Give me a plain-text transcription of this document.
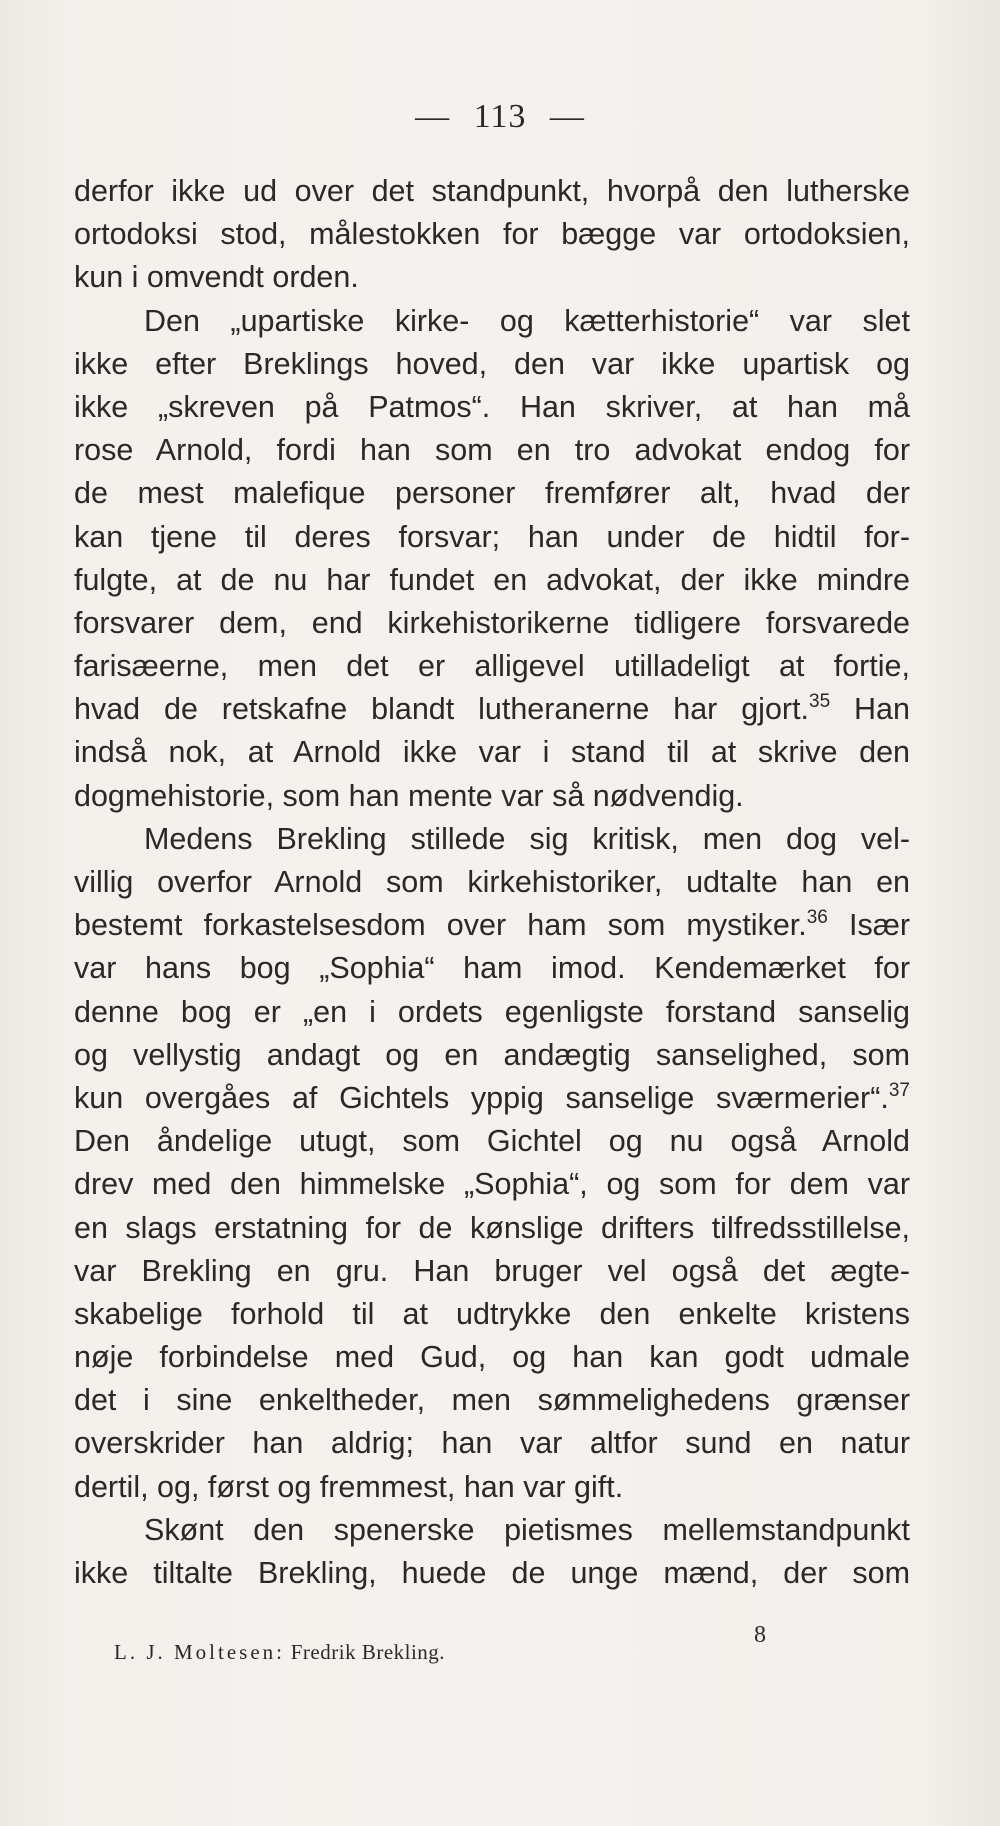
— 113 —
derfor ikke ud over det standpunkt, hvorpå den lutherske
ortodoksi stod, målestokken for bægge var ortodoksien,
kun i omvendt orden.
Den „upartiske kirke- og kætterhistorie“ var slet
ikke efter Breklings hoved, den var ikke upartisk og
ikke „skreven på Patmos“. Han skriver, at han må
rose Arnold, fordi han som en tro advokat endog for
de mest malefique personer fremfører alt, hvad der
kan tjene til deres forsvar; han under de hidtil for-
fulgte, at de nu har fundet en advokat, der ikke mindre
forsvarer dem, end kirkehistorikerne tidligere forsvarede
farisæerne, men det er alligevel utilladeligt at fortie,
hvad de retskafne blandt lutheranerne har gjort.$^{35}$ Han
indså nok, at Arnold ikke var i stand til at skrive den
dogmehistorie, som han mente var så nødvendig.
Medens Brekling stillede sig kritisk, men dog vel-
villig overfor Arnold som kirkehistoriker, udtalte han en
bestemt forkastelsesdom over ham som mystiker.$^{36}$ Især
var hans bog „Sophia“ ham imod. Kendemærket for
denne bog er „en i ordets egenligste forstand sanselig
og vellystig andagt og en andægtig sanselighed, som
kun overgåes af Gichtels yppig sanselige sværmerier“.$^{37}$
Den åndelige utugt, som Gichtel og nu også Arnold
drev med den himmelske „Sophia“, og som for dem var
en slags erstatning for de kønslige drifters tilfredsstillelse,
var Brekling en gru. Han bruger vel også det ægte-
skabelige forhold til at udtrykke den enkelte kristens
nøje forbindelse med Gud, og han kan godt udmale
det i sine enkeltheder, men sømmelighedens grænser
overskrider han aldrig; han var altfor sund en natur
dertil, og, først og fremmest, han var gift.
Skønt den spenerske pietismes mellemstandpunkt
ikke tiltalte Brekling, huede de unge mænd, der som
L. J. Moltesen: Fredrik Brekling.
8
